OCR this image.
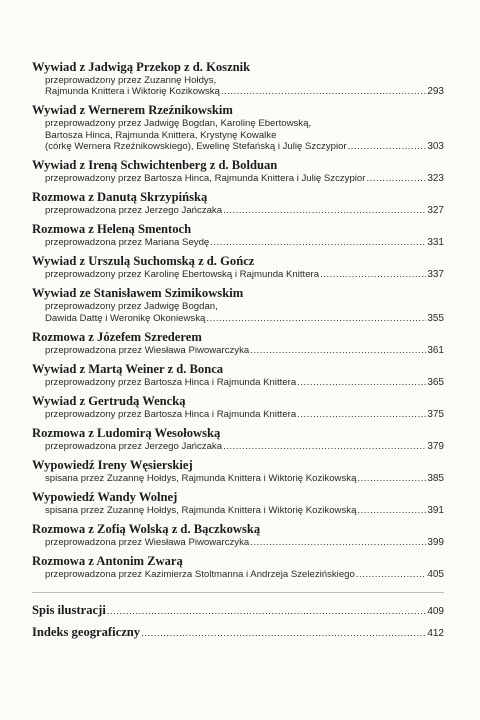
Wywiad z Jadwigą Przekop z d. Kosznik
przeprowadzony przez Zuzannę Hołdys,
Rajmunda Knittera i Wiktorię Kozikowską .....	293
Wywiad z Wernerem Rzeźnikowskim
przeprowadzony przez Jadwigę Bogdan, Karolinę Ebertowską,
Bartosza Hinca, Rajmunda Knittera, Krystynę Kowalke
(córkę Wernera Rzeźnikowskiego), Ewelinę Stefańską i Julię Szczypior .....	303
Wywiad z Ireną Schwichtenberg z d. Bolduan
przeprowadzony przez Bartosza Hinca, Rajmunda Knittera i Julię Szczypior .....	323
Rozmowa z Danutą Skrzypińską
przeprowadzona przez Jerzego Jańczaka .....	327
Rozmowa z Heleną Smentoch
przeprowadzona przez Mariana Seydę .....	331
Wywiad z Urszulą Suchomską z d. Gończ
przeprowadzony przez Karolinę Ebertowską i Rajmunda Knittera .....	337
Wywiad ze Stanisławem Szimikowskim
przeprowadzony przez Jadwigę Bogdan,
Dawida Dattę i Weronikę Okoniewską .....	355
Rozmowa z Józefem Szrederem
przeprowadzona przez Wiesława Piwowarczyka .....	361
Wywiad z Martą Weiner z d. Bonca
przeprowadzony przez Bartosza Hinca i Rajmunda Knittera .....	365
Wywiad z Gertrudą Wencką
przeprowadzony przez Bartosza Hinca i Rajmunda Knittera .....	375
Rozmowa z Ludomirą Wesołowską
przeprowadzona przez Jerzego Jańczaka .....	379
Wypowiedź Ireny Węsierskiej
spisana przez Zuzannę Hołdys, Rajmunda Knittera i Wiktorię Kozikowską .....	385
Wypowiedź Wandy Wolnej
spisana przez Zuzannę Hołdys, Rajmunda Knittera i Wiktorię Kozikowską .....	391
Rozmowa z Zofią Wolską z d. Bączkowską
przeprowadzona przez Wiesława Piwowarczyka .....	399
Rozmowa z Antonim Zwarą
przeprowadzona przez Kazimierza Stoltmanna i Andrzeja Szelezińskiego .....	405
Spis ilustracji .....	409
Indeks geograficzny .....	412
